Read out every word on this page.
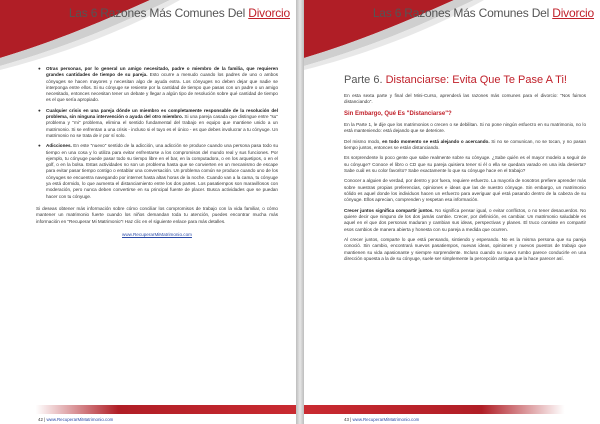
Las 6 Razones Más Comunes Del Divorcio
● Otras personas, por lo general un amigo necesitado, padre o miembro de la familia, que requieren grandes cantidades de tiempo de su pareja. Esto ocurre a menudo cuando los padres de uno o ambos cónyuges se hacen mayores y necesitan algo de ayuda extra. Los cónyuges no deben dejar que nadie se interponga entre ellos. Si su cónyuge se resiente por la cantidad de tiempo que pasas con un padre o un amigo necesitado, entonces necesitan tener un debate y llegar a algún tipo de resolución sobre qué cantidad de tiempo es el que sería apropiado.
● Cualquier crisis en una pareja dónde un miembro es completamente responsable de la resolución del problema, sin ninguna intervención o ayuda del otro miembro. Si una pareja casada que distingue entre "su" problema y "mi" problema, elimina el sentido fundamental del trabajo en equipo que mantiene unido a un matrimonio. Si se enfrentan a una crisis - incluso si el tuyo es el único - es que debes involucrar a tu cónyuge. Un matrimonio no se trata de ir por sí solo.
● Adicciones. En este "nuevo" sentido de la adicción, una adicción se produce cuando una persona pasa todo su tiempo en una cosa y lo utiliza para evitar enfrentarse a los compromisos del mundo real y sus funciones. Por ejemplo, tu cónyuge puede pasar todo su tiempo libre en el bar, en la computadora, o en los arquetipos, o en el golf, o en la bolsa. Estas actividades no son un problema hasta que se convierten en un mecanismo de escape para evitar pasar tiempo contigo o entablar una conversación. Un problema común se produce cuando uno de los cónyuges se encuentra navegando por internet hasta altas horas de la noche. Cuando van a la cama, tu cónyuge ya está dormido, lo que aumenta el distanciamiento entre los dos partes. Los pasatiempos son maravillosos con moderación, pero nunca deben convertirse en su principal fuente de placer. Busca actividades que se puedan hacer con tu cónyuge.

Si deseas obtener más información sobre cómo conciliar los compromisos de trabajo con la vida familiar, o cómo mantener un matrimonio fuerte cuando los niños demandan toda tu atención, puedes encontrar mucha más información en "Recuperar Mi Matrimonio"! Haz clic en el siguiente enlace para más detalles.

www.RecuperarMiMatrimonio.com
42 | www.RecuperarMiMatrimonio.com
Las 6 Razones Más Comunes Del Divorcio
Parte 6. Distanciarse: Evita Que Te Pase A Ti!

En esta sexta parte y final del Mini-Curso, aprenderá las razones más comunes para el divorcio: "Nos fuimos distanciando".

Sin Embargo, Qué Es "Distanciarse"?

En la Parte 1, le dije que los matrimonios o crecen o se debilitan. Si no pone ningún esfuerzo en su matrimonio, no lo está manteniendo: está dejando que se deteriore.

Del mismo modo, en todo momento se está alejando o acercando. Si no se comunican, no se tocan, y no pasan tiempo juntos, entonces se están distanciando.

Es sorprendente lo poco gente que sabe realmente sobre su cónyuge. ¿Sabe quién es el mayor modelo a seguir de su cónyuge? Conoce el libro o CD que su pareja quisiera tener si él o ella se quedara varado en una isla desierta? Sabe cuál es su color favorito? Sabe exactamente lo que su cónyuge hace en el trabajo?

Conocer a alguien de verdad, por dentro y por fuera, requiere esfuerzo. La mayoría de nosotros prefiere aprender más sobre nuestras propias preferencias, opiniones e ideas que las de nuestro cónyuge. Sin embargo, un matrimonio sólido es aquel donde los individuos hacen un esfuerzo para averiguar qué está pasando dentro de la cabeza de su cónyuge. Ellos aprecian, comprenden y respetan esa información.

Crecer juntos significa compartir juntos. No significa pensar igual, o evitar conflictos, o no tener desacuerdos. No quiere decir que ninguno de los dos jamás cambie. Crecer, por definición, es cambiar. Un matrimonio saludable es aquel en el que dos personas maduran y cambian sus ideas, perspectivas y planes. El truco consiste en compartir esos cambios de manera abierta y honesta con su pareja a medida que ocurren.

Al crecer juntos, comparte lo que está pensando, sintiendo y esperando. No es la misma persona que su pareja conoció. Sin cambio, encontrará nuevos pasatiempos, nuevas ideas, opiniones y nuevos puestos de trabajo que mantienen su vida apasionante y siempre sorprendente. Incluso cuando su nuevo rumbo parece conducirle en una dirección opuesta a la de su cónyuge, suele ser simplemente la percepción antigua que la hace parecer así.

43 | www.RecuperarMiMatrimonio.com
